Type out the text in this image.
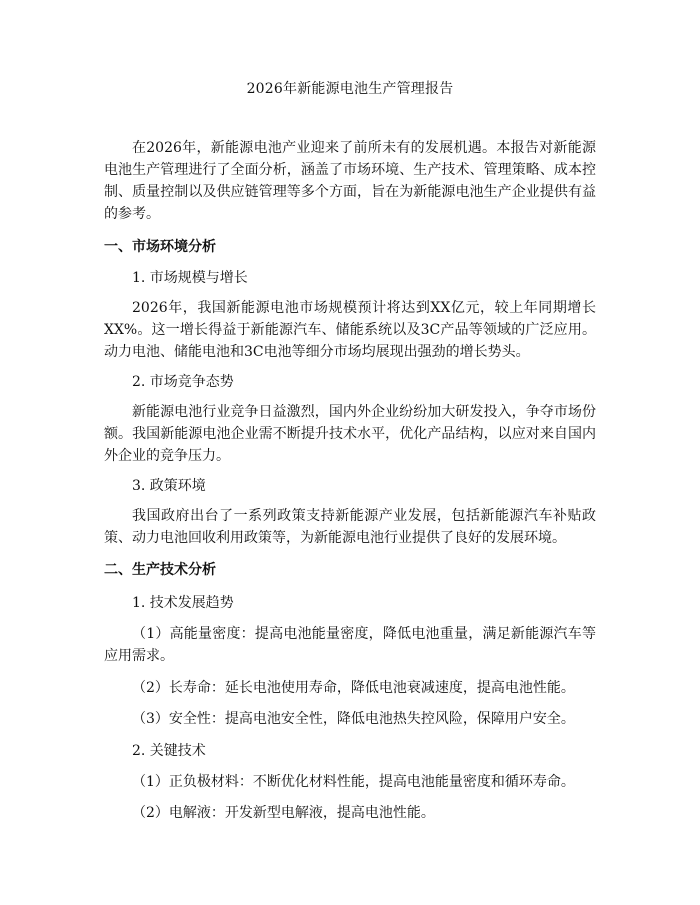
2026年新能源电池生产管理报告

在2026年，新能源电池产业迎来了前所未有的发展机遇。本报告对新能源电池生产管理进行了全面分析，涵盖了市场环境、生产技术、管理策略、成本控制、质量控制以及供应链管理等多个方面，旨在为新能源电池生产企业提供有益的参考。

一、市场环境分析
1. 市场规模与增长

2026年，我国新能源电池市场规模预计将达到XX亿元，较上年同期增长XX%。这一增长得益于新能源汽车、储能系统以及3C产品等领域的广泛应用。动力电池、储能电池和3C电池等细分市场均展现出强劲的增长势头。

2. 市场竞争态势

新能源电池行业竞争日益激烈，国内外企业纷纷加大研发投入，争夺市场份额。我国新能源电池企业需不断提升技术水平，优化产品结构，以应对来自国内外企业的竞争压力。

3. 政策环境

我国政府出台了一系列政策支持新能源产业发展，包括新能源汽车补贴政策、动力电池回收利用政策等，为新能源电池行业提供了良好的发展环境。

二、生产技术分析
1. 技术发展趋势

（1）高能量密度：提高电池能量密度，降低电池重量，满足新能源汽车等应用需求。

（2）长寿命：延长电池使用寿命，降低电池衰减速度，提高电池性能。

（3）安全性：提高电池安全性，降低电池热失控风险，保障用户安全。

2. 关键技术

（1）正负极材料：不断优化材料性能，提高电池能量密度和循环寿命。

（2）电解液：开发新型电解液，提高电池性能。
